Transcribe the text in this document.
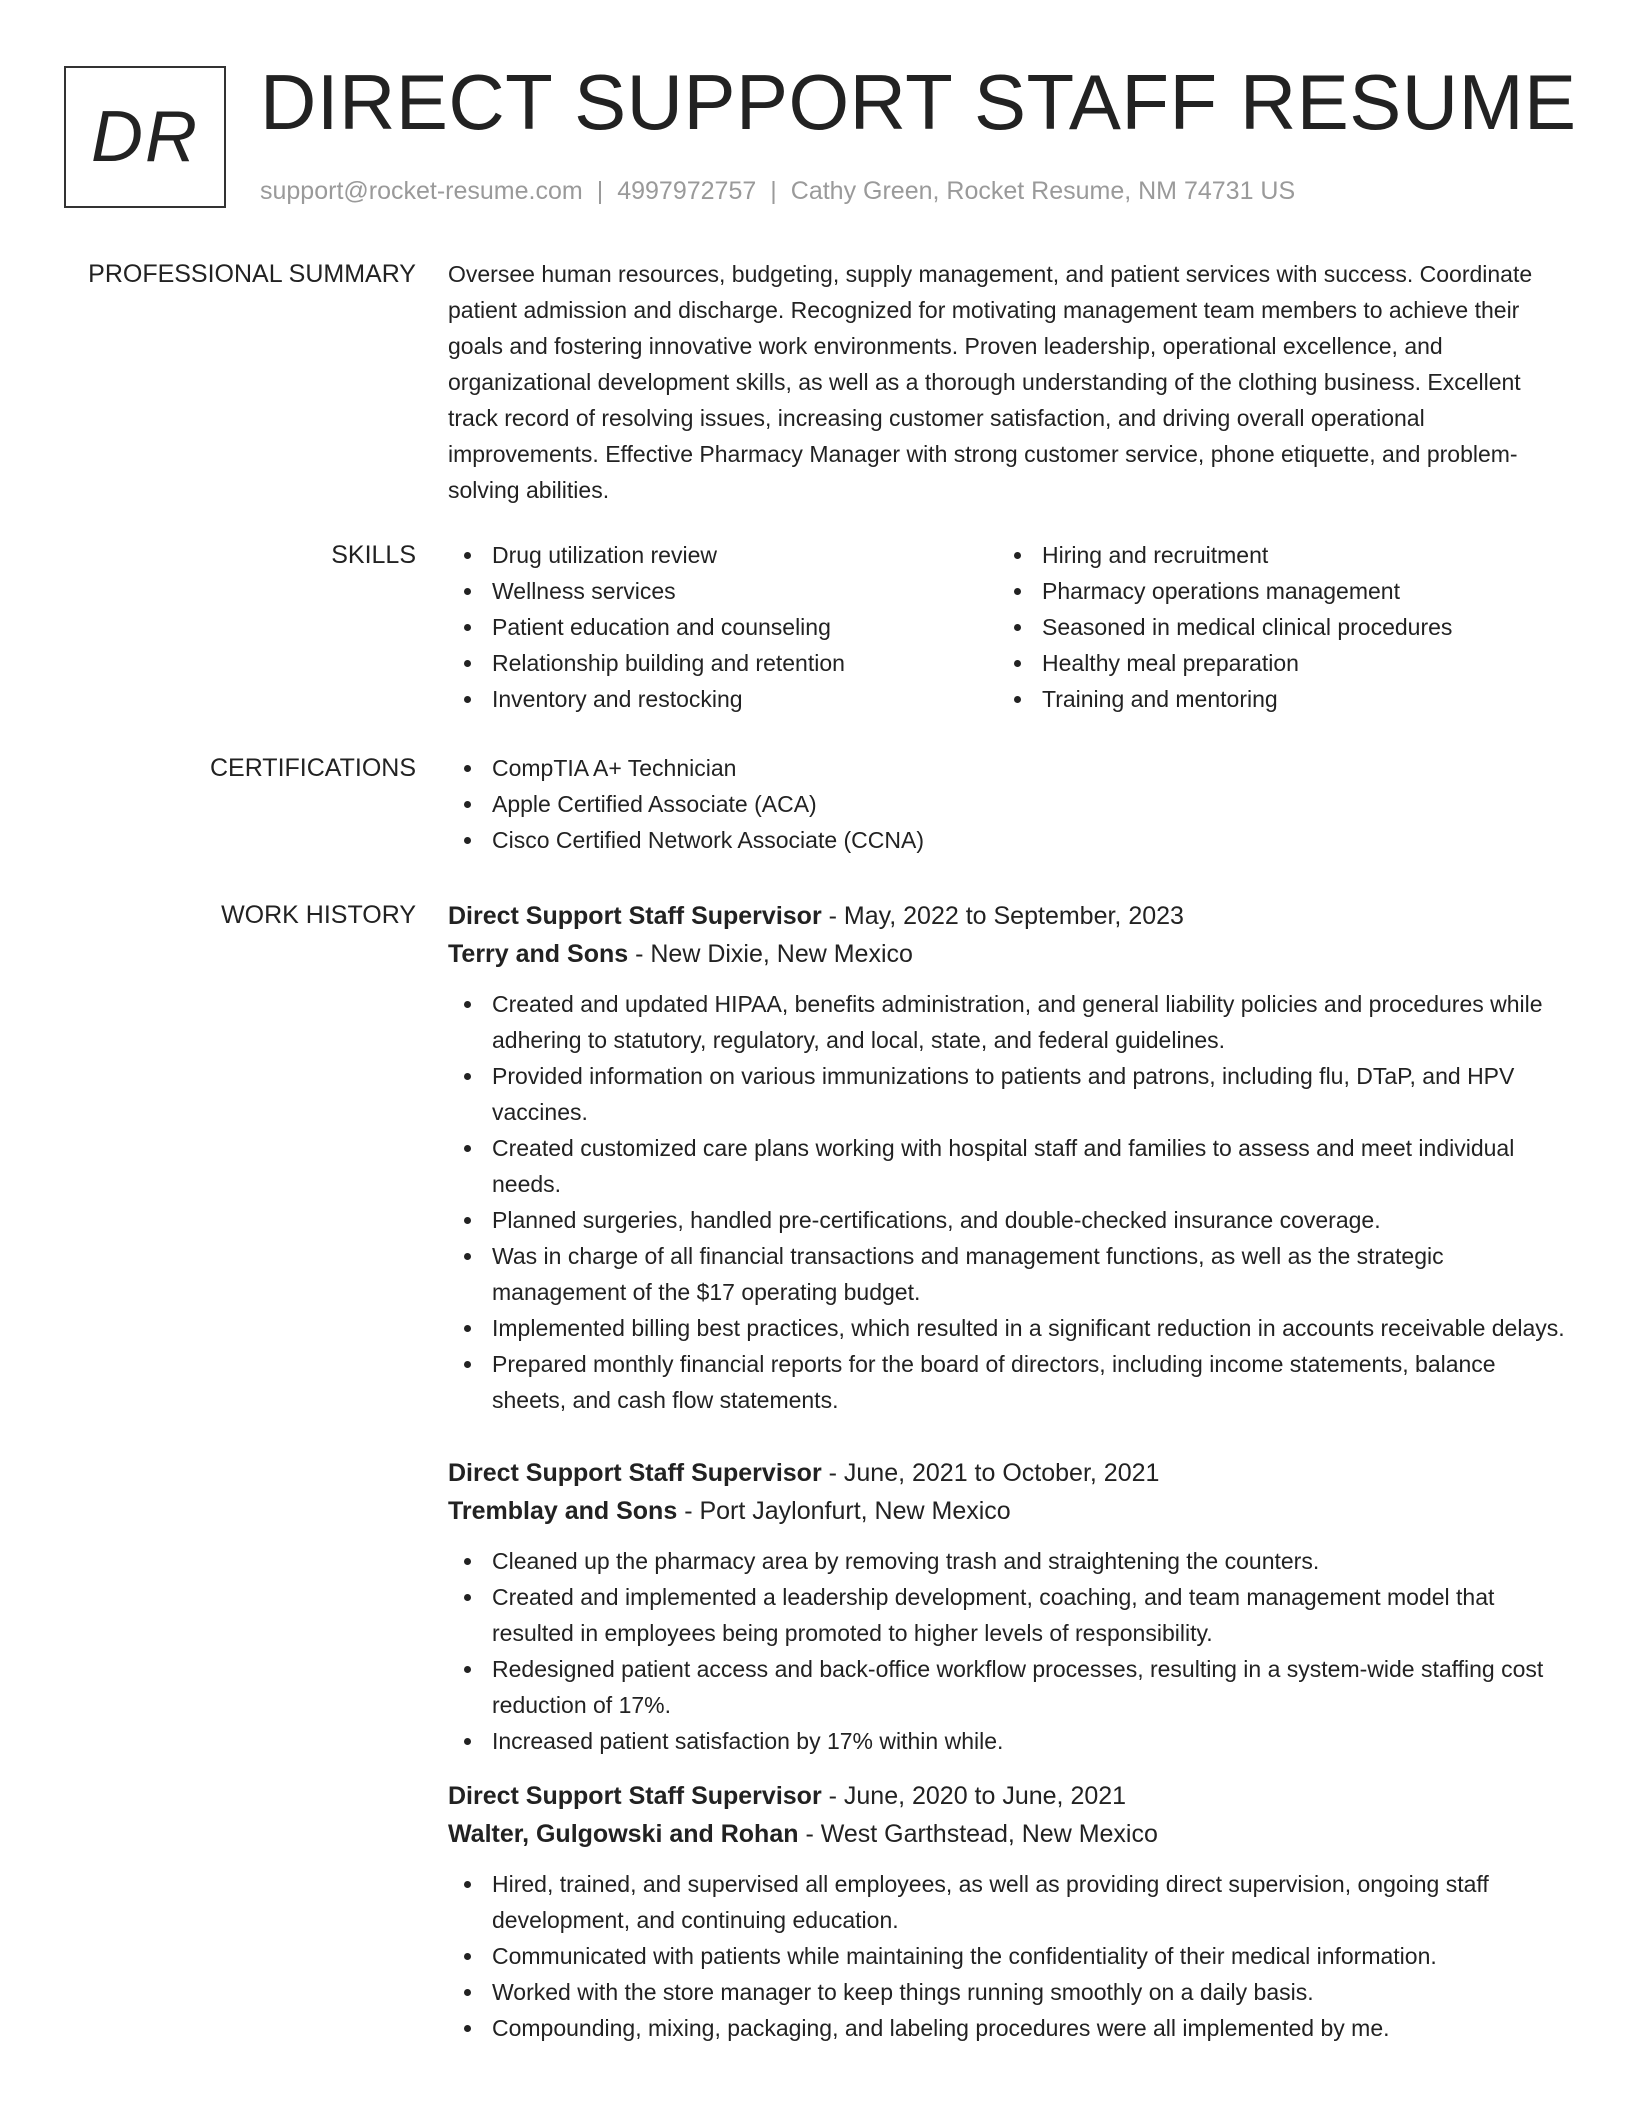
DR DIRECT SUPPORT STAFF RESUME
support@rocket-resume.com | 4997972757 | Cathy Green, Rocket Resume, NM 74731 US
PROFESSIONAL SUMMARY Oversee human resources, budgeting, supply management, and patient services with success. Coordinate patient admission and discharge. Recognized for motivating management team members to achieve their goals and fostering innovative work environments. Proven leadership, operational excellence, and organizational development skills, as well as a thorough understanding of the clothing business. Excellent track record of resolving issues, increasing customer satisfaction, and driving overall operational improvements. Effective Pharmacy Manager with strong customer service, phone etiquette, and problem-solving abilities.

SKILLS	Drug utilization review
Wellness services
Patient education and counseling
Relationship building and retention
Inventory and restocking
Hiring and recruitment
Pharmacy operations management
Seasoned in medical clinical procedures
Healthy meal preparation
Training and mentoring
CERTIFICATIONS	CompTIA A+ Technician
Apple Certified Associate (ACA)
Cisco Certified Network Associate (CCNA)
WORK HISTORY Direct Support Staff Supervisor - May, 2022 to September, 2023
Terry and Sons - New Dixie, New Mexico
Created and updated HIPAA, benefits administration, and general liability policies and procedures while adhering to statutory, regulatory, and local, state, and federal guidelines.
Provided information on various immunizations to patients and patrons, including flu, DTaP, and HPV vaccines.
Created customized care plans working with hospital staff and families to assess and meet individual needs.
Planned surgeries, handled pre-certifications, and double-checked insurance coverage.
Was in charge of all financial transactions and management functions, as well as the strategic management of the $17 operating budget.
Implemented billing best practices, which resulted in a significant reduction in accounts receivable delays.
Prepared monthly financial reports for the board of directors, including income statements, balance sheets, and cash flow statements.
Direct Support Staff Supervisor - June, 2021 to October, 2021
Tremblay and Sons - Port Jaylonfurt, New Mexico
Cleaned up the pharmacy area by removing trash and straightening the counters.
Created and implemented a leadership development, coaching, and team management model that resulted in employees being promoted to higher levels of responsibility.
Redesigned patient access and back-office workflow processes, resulting in a system-wide staffing cost reduction of 17%.
Increased patient satisfaction by 17% within while.
Direct Support Staff Supervisor - June, 2020 to June, 2021
Walter, Gulgowski and Rohan - West Garthstead, New Mexico
Hired, trained, and supervised all employees, as well as providing direct supervision, ongoing staff development, and continuing education.
Communicated with patients while maintaining the confidentiality of their medical information.
Worked with the store manager to keep things running smoothly on a daily basis.
Compounding, mixing, packaging, and labeling procedures were all implemented by me.
